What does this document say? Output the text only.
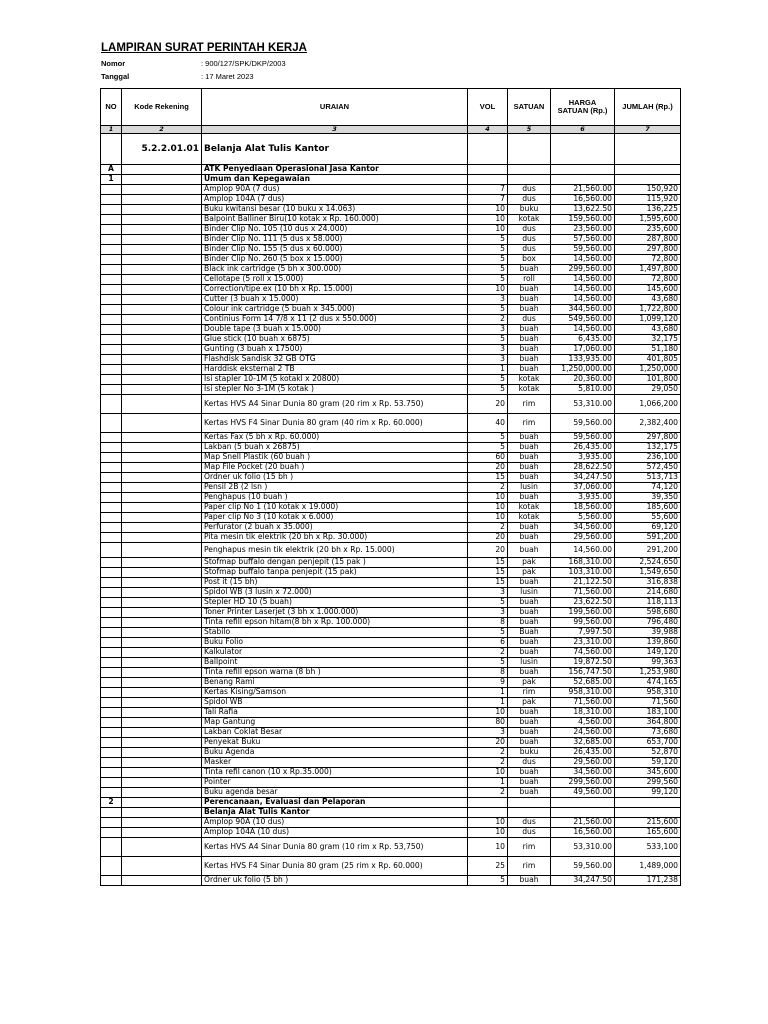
LAMPIRAN SURAT PERINTAH KERJA
Nomor	: 900/127/SPK/DKP/2003
Tanggal	: 17 Maret 2023
NO	Kode Rekening	URAIAN	VOL	SATUAN	HARGA SATUAN (Rp.)	JUMLAH (Rp.)
1	2	3	4	5	6	7
	5.2.2.01.01	Belanja Alat Tulis Kantor				
A		ATK Penyediaan Operasional Jasa Kantor				
1		Umum dan Kepegawaian				
		Amplop 90A (7 dus)	7	dus	21,560.00	150,920
		Amplop 104A (7 dus)	7	dus	16,560.00	115,920
		Buku kwitansi besar (10 buku x 14.063)	10	buku	13,622.50	136,225
		Balpoint Balliner Biru(10 kotak x Rp. 160.000)	10	kotak	159,560.00	1,595,600
		Binder Clip No. 105 (10 dus x 24.000)	10	dus	23,560.00	235,600
		Binder Clip No. 111 (5 dus x 58.000)	5	dus	57,560.00	287,800
		Binder Clip No. 155 (5 dus x 60.000)	5	dus	59,560.00	297,800
		Binder Clip No. 260 (5 box x 15.000)	5	box	14,560.00	72,800
		Black ink cartridge (5 bh x 300.000)	5	buah	299,560.00	1,497,800
		Cellotape (5 roll x 15.000)	5	roll	14,560.00	72,800
		Correction/tipe ex (10 bh x Rp. 15.000)	10	buah	14,560.00	145,600
		Cutter (3 buah x 15.000)	3	buah	14,560.00	43,680
		Colour ink cartridge (5 buah x 345.000)	5	buah	344,560.00	1,722,800
		Continius Form 14 7/8 x 11 (2 dus x 550.000)	2	dus	549,560.00	1,099,120
		Double tape (3 buah x 15.000)	3	buah	14,560.00	43,680
		Glue stick (10 buah x 6875)	5	buah	6,435.00	32,175
		Gunting (3 buah x 17500)	3	buah	17,060.00	51,180
		Flashdisk Sandisk 32 GB OTG	3	buah	133,935.00	401,805
		Harddisk eksternal 2 TB	1	buah	1,250,000.00	1,250,000
		Isi stapler 10-1M (5 kotakl x 20800)	5	kotak	20,360.00	101,800
		Isi stepler No 3-1M (5 kotak )	5	kotak	5,810.00	29,050
		Kertas HVS A4 Sinar Dunia 80 gram (20 rim x Rp. 53.750)	20	rim	53,310.00	1,066,200
		Kertas HVS F4 Sinar Dunia 80 gram (40 rim x Rp. 60.000)	40	rim	59,560.00	2,382,400
		Kertas Fax (5 bh x Rp. 60.000)	5	buah	59,560.00	297,800
		Lakban (5 buah x 26875)	5	buah	26,435.00	132,175
		Map Snell Plastik (60 buah )	60	buah	3,935.00	236,100
		Map File Pocket (20 buah )	20	buah	28,622.50	572,450
		Ordner uk folio (15 bh )	15	buah	34,247.50	513,713
		Pensil 2B (2 lsn )	2	lusin	37,060.00	74,120
		Penghapus (10 buah )	10	buah	3,935.00	39,350
		Paper clip No 1 (10 kotak x 19.000)	10	kotak	18,560.00	185,600
		Paper clip No 3 (10 kotak x 6.000)	10	kotak	5,560.00	55,600
		Perfurator (2 buah x 35.000)	2	buah	34,560.00	69,120
		Pita mesin tik elektrik (20 bh x Rp. 30.000)	20	buah	29,560.00	591,200
		Penghapus mesin tik elektrik (20 bh x Rp. 15.000)	20	buah	14,560.00	291,200
		Stofmap buffalo dengan penjepit (15 pak )	15	pak	168,310.00	2,524,650
		Stofmap buffalo tanpa penjepit (15 pak)	15	pak	103,310.00	1,549,650
		Post it (15 bh)	15	buah	21,122.50	316,838
		Spidol WB (3 lusin x 72.000)	3	lusin	71,560.00	214,680
		Stepler HD 10 (5 buah)	5	buah	23,622.50	118,113
		Toner Printer Laserjet (3 bh x 1.000.000)	3	buah	199,560.00	598,680
		Tinta refill epson hitam(8 bh x Rp. 100.000)	8	buah	99,560.00	796,480
		Stabilo	5	Buah	7,997.50	39,988
		Buku Folio	6	buah	23,310.00	139,860
		Kalkulator	2	buah	74,560.00	149,120
		Ballpoint	5	lusin	19,872.50	99,363
		Tinta refill epson warna (8 bh )	8	buah	156,747.50	1,253,980
		Benang Rami	9	pak	52,685.00	474,165
		Kertas Kising/Samson	1	rim	958,310.00	958,310
		Spidol WB	1	pak	71,560.00	71,560
		Tali Rafia	10	buah	18,310.00	183,100
		Map Gantung	80	buah	4,560.00	364,800
		Lakban Coklat Besar	3	buah	24,560.00	73,680
		Penyekat Buku	20	buah	32,685.00	653,700
		Buku Agenda	2	buku	26,435.00	52,870
		Masker	2	dus	29,560.00	59,120
		Tinta refil canon (10 x Rp.35.000)	10	buah	34,560.00	345,600
		Pointer	1	buah	299,560.00	299,560
		Buku agenda besar	2	buah	49,560.00	99,120
2		Perencanaan, Evaluasi dan Pelaporan				
		Belanja Alat Tulis Kantor				
		Amplop 90A (10 dus)	10	dus	21,560.00	215,600
		Amplop 104A (10 dus)	10	dus	16,560.00	165,600
		Kertas HVS A4 Sinar Dunia 80 gram (10 rim x Rp. 53,750)	10	rim	53,310.00	533,100
		Kertas HVS F4 Sinar Dunia 80 gram (25 rim x Rp. 60.000)	25	rim	59,560.00	1,489,000
		Ordner uk folio (5 bh )	5	buah	34,247.50	171,238
